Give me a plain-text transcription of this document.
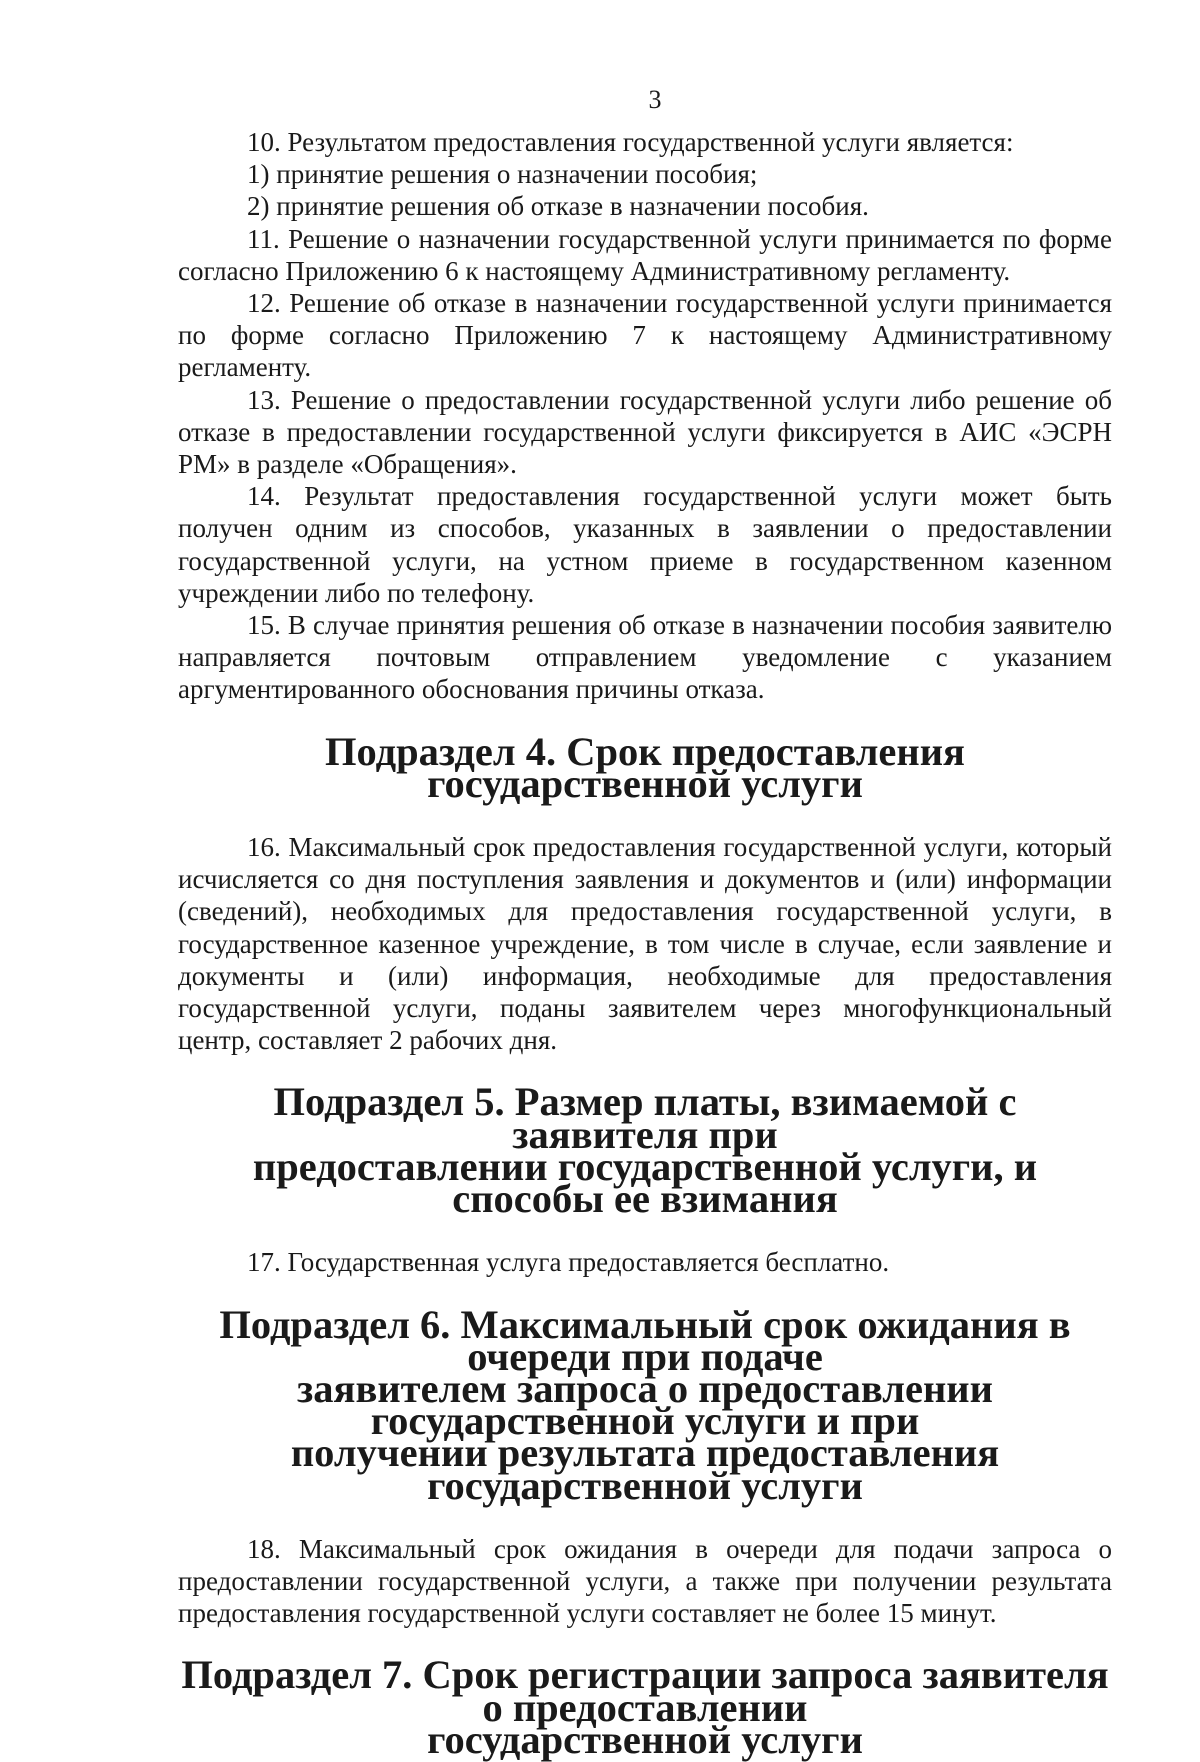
3

10. Результатом предоставления государственной услуги является:

1) принятие решения о назначении пособия;

2) принятие решения об отказе в назначении пособия.

11. Решение о назначении государственной услуги принимается по форме согласно Приложению 6 к настоящему Административному регламенту.

12. Решение об отказе в назначении государственной услуги принимается по форме согласно Приложению 7 к настоящему Административному регламенту.

13. Решение о предоставлении государственной услуги либо решение об отказе в предоставлении государственной услуги фиксируется в АИС «ЭСРН РМ» в разделе «Обращения».

14. Результат предоставления государственной услуги может быть получен одним из способов, указанных в заявлении о предоставлении государственной услуги, на устном приеме в государственном казенном учреждении либо по телефону.

15. В случае принятия решения об отказе в назначении пособия заявителю направляется почтовым отправлением уведомление с указанием аргументированного обоснования причины отказа.

Подраздел 4. Срок предоставления государственной услуги

16. Максимальный срок предоставления государственной услуги, который исчисляется со дня поступления заявления и документов и (или) информации (сведений), необходимых для предоставления государственной услуги, в государственное казенное учреждение, в том числе в случае, если заявление и документы и (или) информация, необходимые для предоставления государственной услуги, поданы заявителем через многофункциональный центр, составляет 2 рабочих дня.

Подраздел 5. Размер платы, взимаемой с заявителя при
предоставлении государственной услуги, и способы ее взимания

17. Государственная услуга предоставляется бесплатно.

Подраздел 6. Максимальный срок ожидания в очереди при подаче
заявителем запроса о предоставлении государственной услуги и при
получении результата предоставления государственной услуги

18. Максимальный срок ожидания в очереди для подачи запроса о предоставлении государственной услуги, а также при получении результата предоставления государственной услуги составляет не более 15 минут.

Подраздел 7. Срок регистрации запроса заявителя о предоставлении
государственной услуги
